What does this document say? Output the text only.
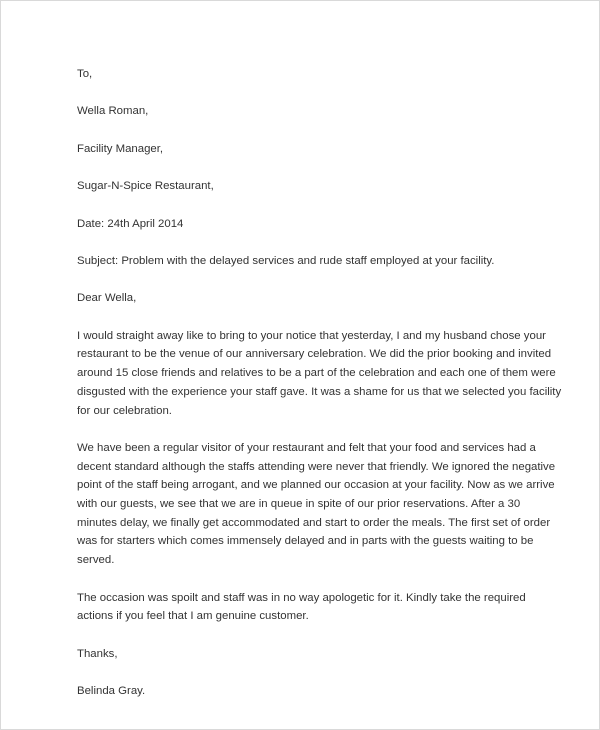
To,

Wella Roman,

Facility Manager,

Sugar-N-Spice Restaurant,

Date: 24th April 2014

Subject: Problem with the delayed services and rude staff employed at your facility.

Dear Wella,

I would straight away like to bring to your notice that yesterday, I and my husband chose your
restaurant to be the venue of our anniversary celebration. We did the prior booking and invited
around 15 close friends and relatives to be a part of the celebration and each one of them were
disgusted with the experience your staff gave. It was a shame for us that we selected you facility
for our celebration.
We have been a regular visitor of your restaurant and felt that your food and services had a
decent standard although the staffs attending were never that friendly. We ignored the negative
point of the staff being arrogant, and we planned our occasion at your facility. Now as we arrive
with our guests, we see that we are in queue in spite of our prior reservations. After a 30
minutes delay, we finally get accommodated and start to order the meals. The first set of order
was for starters which comes immensely delayed and in parts with the guests waiting to be
served.
The occasion was spoilt and staff was in no way apologetic for it. Kindly take the required
actions if you feel that I am genuine customer.

Thanks,

Belinda Gray.
